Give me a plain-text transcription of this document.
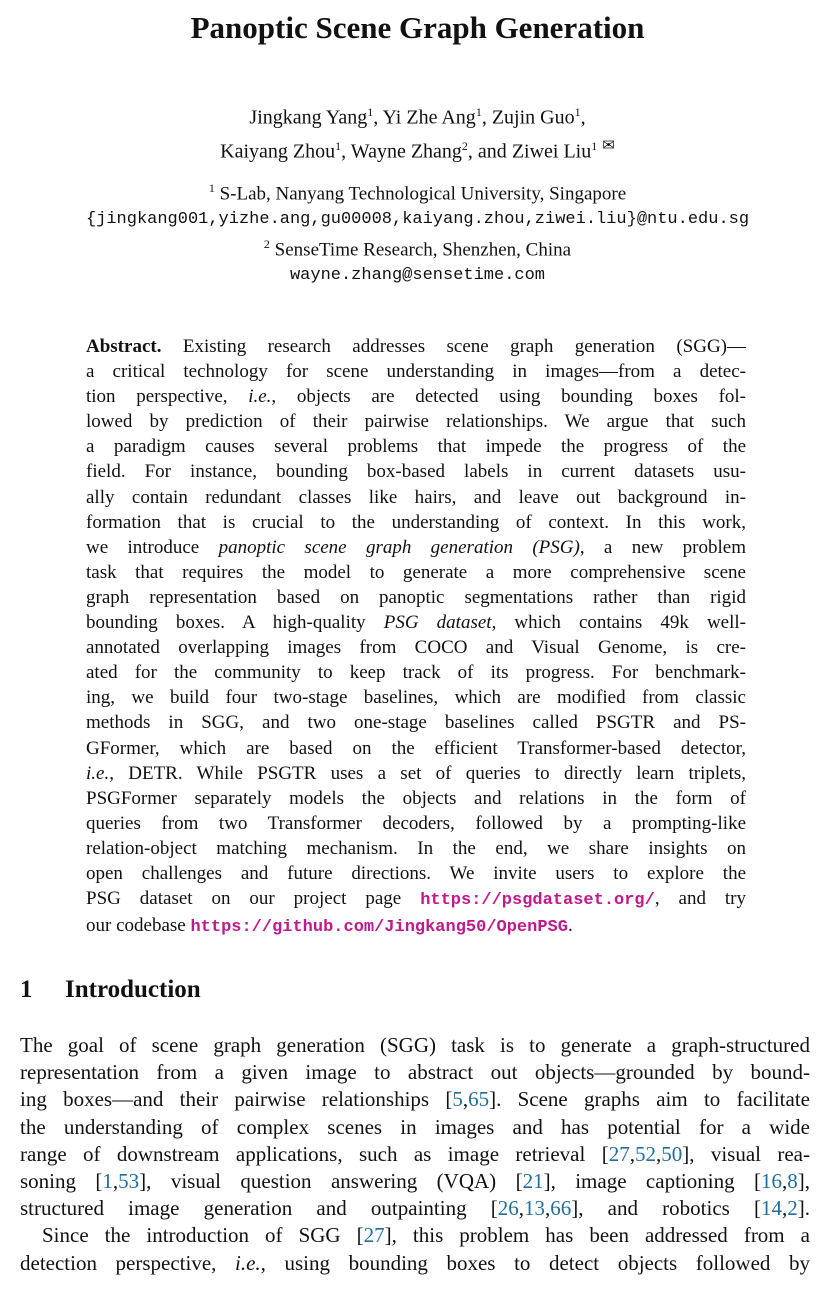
Panoptic Scene Graph Generation
Jingkang Yang$^1$, Yi Zhe Ang$^1$, Zujin Guo$^1$,
Kaiyang Zhou$^1$, Wayne Zhang$^2$, and Ziwei Liu$^1$ ✉
$^1$ S-Lab, Nanyang Technological University, Singapore
{jingkang001,yizhe.ang,gu00008,kaiyang.zhou,ziwei.liu}@ntu.edu.sg
$^2$ SenseTime Research, Shenzhen, China
wayne.zhang@sensetime.com
Abstract. Existing research addresses scene graph generation (SGG)—
a critical technology for scene understanding in images—from a detec-
tion perspective, i.e., objects are detected using bounding boxes fol-
lowed by prediction of their pairwise relationships. We argue that such
a paradigm causes several problems that impede the progress of the
field. For instance, bounding box-based labels in current datasets usu-
ally contain redundant classes like hairs, and leave out background in-
formation that is crucial to the understanding of context. In this work,
we introduce panoptic scene graph generation (PSG), a new problem
task that requires the model to generate a more comprehensive scene
graph representation based on panoptic segmentations rather than rigid
bounding boxes. A high-quality PSG dataset, which contains 49k well-
annotated overlapping images from COCO and Visual Genome, is cre-
ated for the community to keep track of its progress. For benchmark-
ing, we build four two-stage baselines, which are modified from classic
methods in SGG, and two one-stage baselines called PSGTR and PS-
GFormer, which are based on the efficient Transformer-based detector,
i.e., DETR. While PSGTR uses a set of queries to directly learn triplets,
PSGFormer separately models the objects and relations in the form of
queries from two Transformer decoders, followed by a prompting-like
relation-object matching mechanism. In the end, we share insights on
open challenges and future directions. We invite users to explore the
PSG dataset on our project page https://psgdataset.org/, and try
our codebase https://github.com/Jingkang50/OpenPSG.
1 Introduction
The goal of scene graph generation (SGG) task is to generate a graph-structured
representation from a given image to abstract out objects—grounded by bound-
ing boxes—and their pairwise relationships [5,65]. Scene graphs aim to facilitate
the understanding of complex scenes in images and has potential for a wide
range of downstream applications, such as image retrieval [27,52,50], visual rea-
soning [1,53], visual question answering (VQA) [21], image captioning [16,8],
structured image generation and outpainting [26,13,66], and robotics [14,2].
Since the introduction of SGG [27], this problem has been addressed from a
detection perspective, i.e., using bounding boxes to detect objects followed by
